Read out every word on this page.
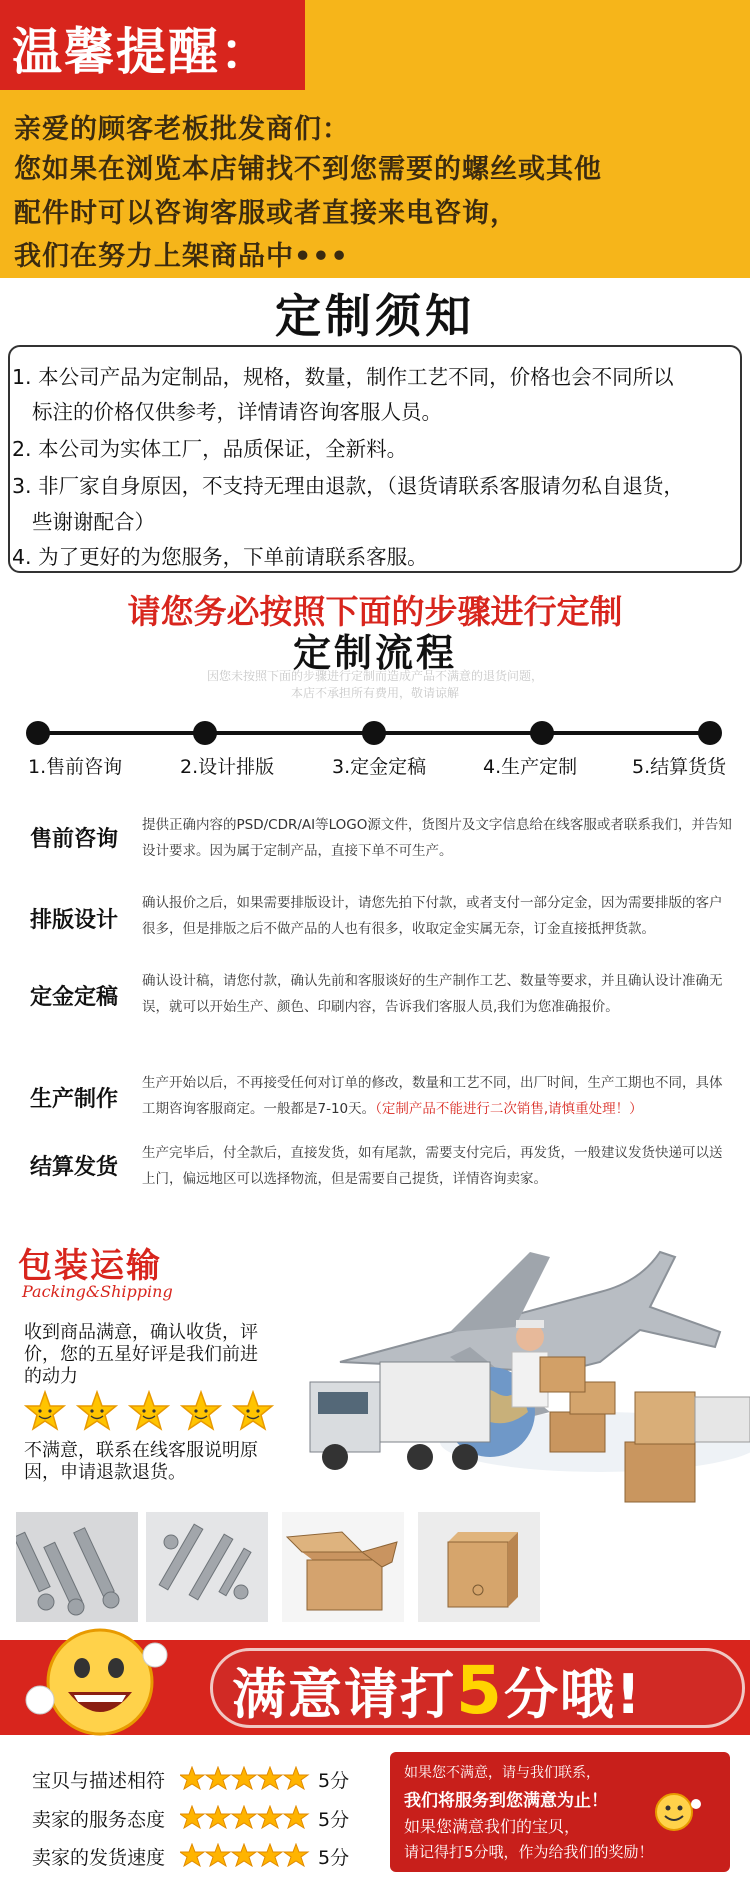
温馨提醒：
亲爱的顾客老板批发商们：
您如果在浏览本店铺找不到您需要的螺丝或其他
配件时可以咨询客服或者直接来电咨询，
我们在努力上架商品中•••
定制须知
1. 本公司产品为定制品，规格，数量，制作工艺不同，价格也会不同所以
标注的价格仅供参考，详情请咨询客服人员。
2. 本公司为实体工厂，品质保证，全新料。
3. 非厂家自身原因，不支持无理由退款，（退货请联系客服请勿私自退货，
些谢谢配合）
4. 为了更好的为您服务，下单前请联系客服。
请您务必按照下面的步骤进行定制
定制流程
因您未按照下面的步骤进行定制而造成产品不满意的退货问题，
本店不承担所有费用，敬请谅解
1.售前咨询	2.设计排版	3.定金定稿	4.生产定制	5.结算货货
售前咨询
提供正确内容的PSD/CDR/AI等LOGO源文件，货图片及文字信息给在线客服或者联系我们，并告知设计要求。因为属于定制产品，直接下单不可生产。
排版设计
确认报价之后，如果需要排版设计，请您先拍下付款，或者支付一部分定金，因为需要排版的客户很多，但是排版之后不做产品的人也有很多，收取定金实属无奈，订金直接抵押货款。
定金定稿
确认设计稿，请您付款，确认先前和客服谈好的生产制作工艺、数量等要求，并且确认设计准确无误，就可以开始生产、颜色、印刷内容，告诉我们客服人员,我们为您准确报价。
生产制作
生产开始以后，不再接受任何对订单的修改，数量和工艺不同，出厂时间，生产工期也不同，具体工期咨询客服商定。一般都是7-10天。（定制产品不能进行二次销售,请慎重处理！）
结算发货
生产完毕后，付全款后，直接发货，如有尾款，需要支付完后，再发货，一般建议发货快递可以送上门，偏远地区可以选择物流，但是需要自己提货，详情咨询卖家。
包装运输
Packing&Shipping
收到商品满意，确认收货，评价，您的五星好评是我们前进的动力
不满意，联系在线客服说明原因，申请退款退货。
满意请打5分哦!
宝贝与描述相符	5分
卖家的服务态度	5分
卖家的发货速度	5分
如果您不满意，请与我们联系，
我们将服务到您满意为止！
如果您满意我们的宝贝，
请记得打5分哦，作为给我们的奖励！
